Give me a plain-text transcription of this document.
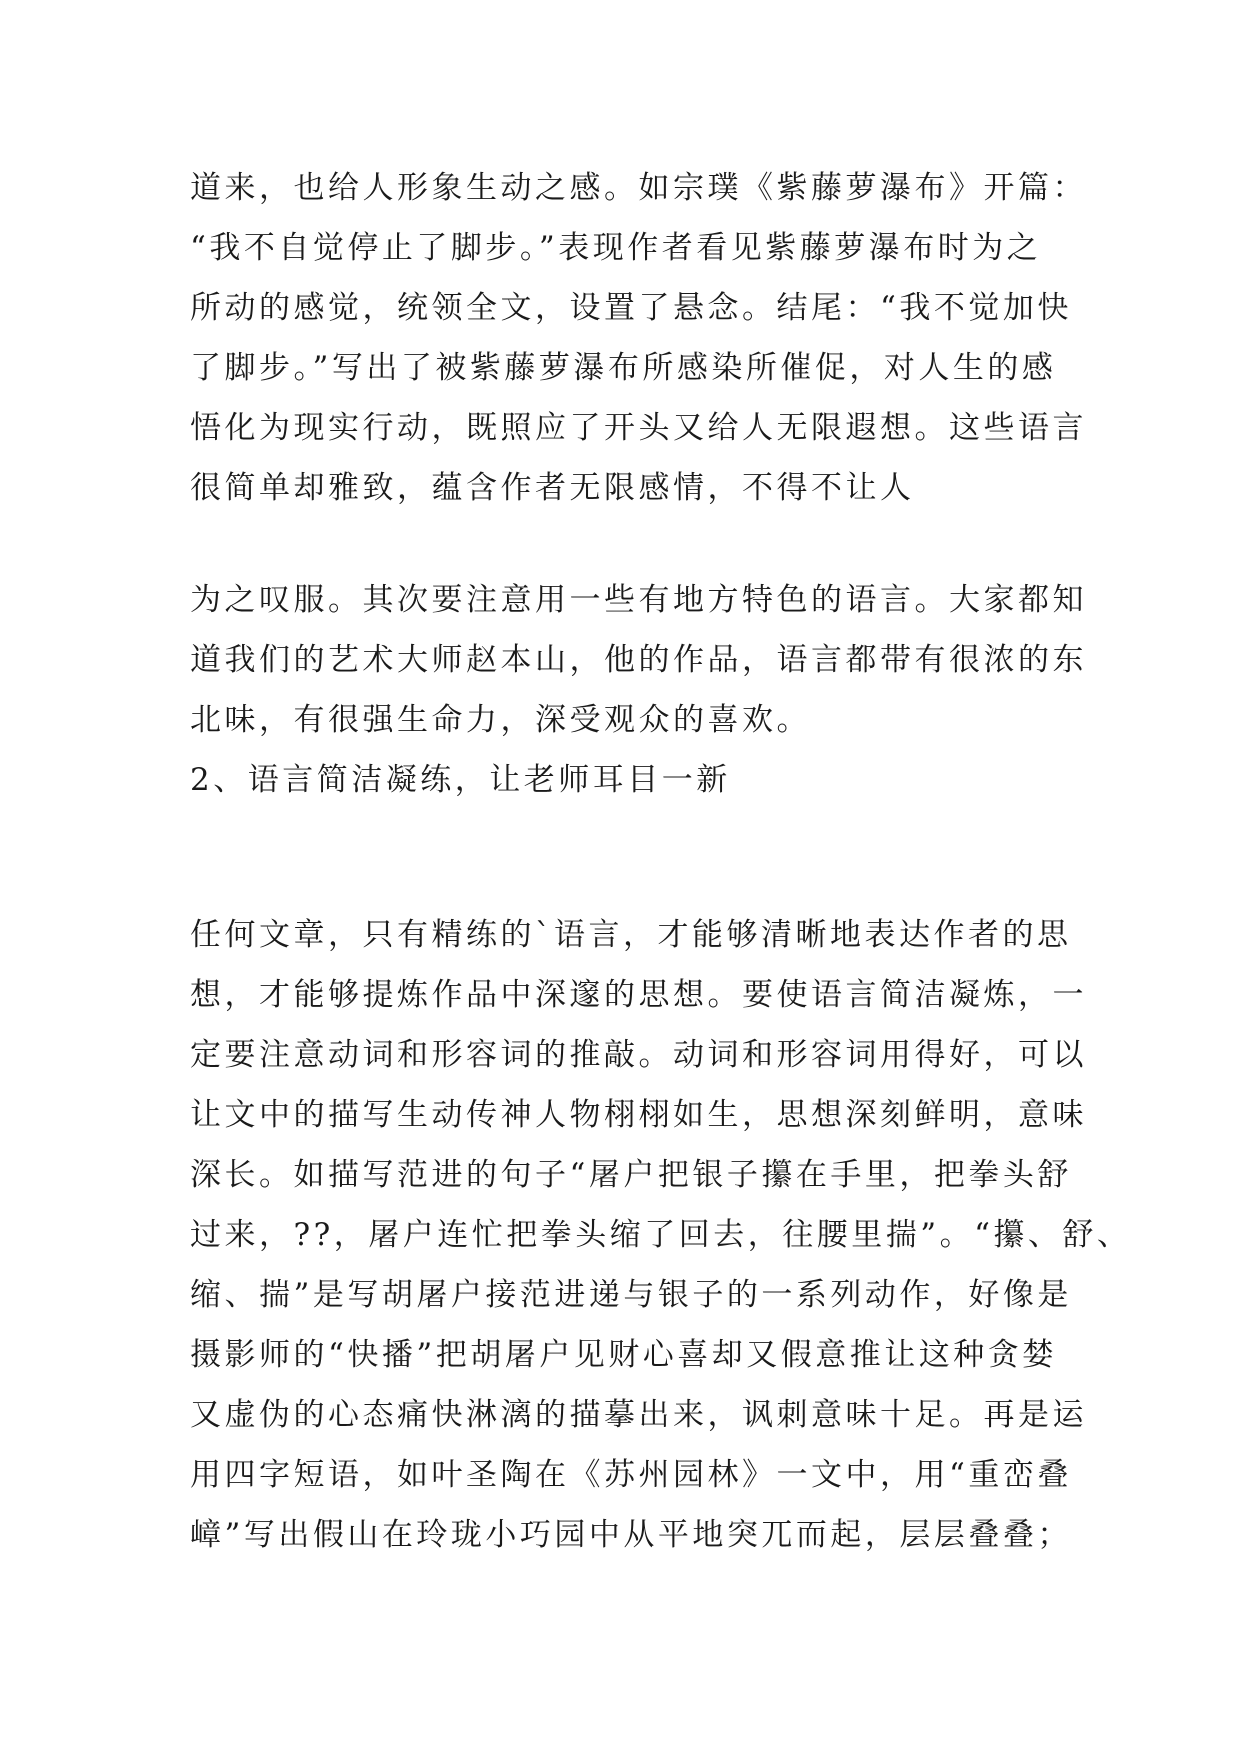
道来，也给人形象生动之感。如宗璞《紫藤萝瀑布》开篇：
“我不自觉停止了脚步。”表现作者看见紫藤萝瀑布时为之
所动的感觉，统领全文，设置了悬念。结尾：“我不觉加快
了脚步。”写出了被紫藤萝瀑布所感染所催促，对人生的感
悟化为现实行动，既照应了开头又给人无限遐想。这些语言
很简单却雅致，蕴含作者无限感情，不得不让人
为之叹服。其次要注意用一些有地方特色的语言。大家都知
道我们的艺术大师赵本山，他的作品，语言都带有很浓的东
北味，有很强生命力，深受观众的喜欢。
2、语言简洁凝练，让老师耳目一新
任何文章，只有精练的`语言，才能够清晰地表达作者的思
想，才能够提炼作品中深邃的思想。要使语言简洁凝炼，一
定要注意动词和形容词的推敲。动词和形容词用得好，可以
让文中的描写生动传神人物栩栩如生，思想深刻鲜明，意味
深长。如描写范进的句子“屠户把银子攥在手里，把拳头舒
过来，??，屠户连忙把拳头缩了回去，往腰里揣”。“攥、舒、
缩、揣”是写胡屠户接范进递与银子的一系列动作，好像是
摄影师的“快播”把胡屠户见财心喜却又假意推让这种贪婪
又虚伪的心态痛快淋漓的描摹出来，讽刺意味十足。再是运
用四字短语，如叶圣陶在《苏州园林》一文中，用“重峦叠
嶂”写出假山在玲珑小巧园中从平地突兀而起，层层叠叠；
